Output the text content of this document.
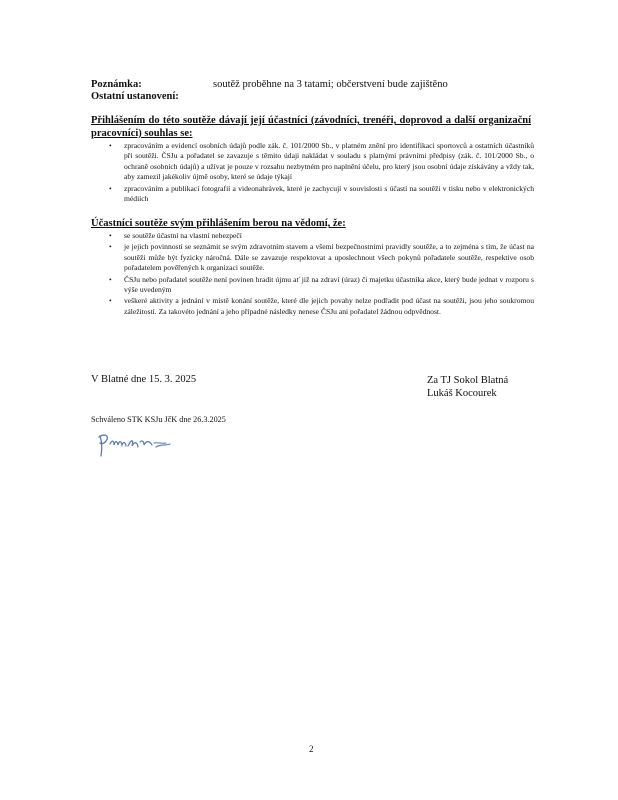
Poznámka:	soutěž proběhne na 3 tatami; občerstvení bude zajištěno
Ostatní ustanovení:
Přihlášením do této soutěže dávají její účastníci (závodníci, trenéři, doprovod a další organizační pracovníci) souhlas se:
• zpracováním a evidencí osobních údajů podle zák. č. 101/2000 Sb., v platném znění pro identifikaci sportovců a ostatních účastníků při soutěži. ČSJu a pořadatel se zavazuje s těmito údaji nakládat v souladu s platnými právními předpisy (zák. č. 101/2000 Sb., o ochraně osobních údajů) a užívat je pouze v rozsahu nezbytném pro naplnění účelu, pro který jsou osobní údaje získávány a vždy tak, aby zamezil jakékoliv újmě osoby, které se údaje týkají
• zpracováním a publikací fotografií a videonahrávek, které je zachycují v souvislosti s účastí na soutěži v tisku nebo v elektronických médiích
Účastníci soutěže svým přihlášením berou na vědomí, že:
• se soutěže účastní na vlastní nebezpečí
• je jejich povinností se seznámit se svým zdravotním stavem a všemi bezpečnostními pravidly soutěže, a to zejména s tím, že účast na soutěži může být fyzicky náročná. Dále se zavazuje respektovat a uposlechnout všech pokynů pořadatele soutěže, respektive osob pořadatelem pověřených k organizaci soutěže.
• ČSJu nebo pořadatel soutěže není povinen hradit újmu ať již na zdraví (úraz) či majetku účastníka akce, který bude jednat v rozporu s výše uvedeným
• veškeré aktivity a jednání v místě konání soutěže, které dle jejich povahy nelze podřadit pod účast na soutěži, jsou jeho soukromou záležitostí. Za takovéto jednání a jeho případné následky nenese ČSJu ani pořadatel žádnou odpvědnost.
V Blatné dne 15. 3. 2025	Za TJ Sokol Blatná
Lukáš Kocourek
Schváleno STK KSJu JčK dne 26.3.2025
2
